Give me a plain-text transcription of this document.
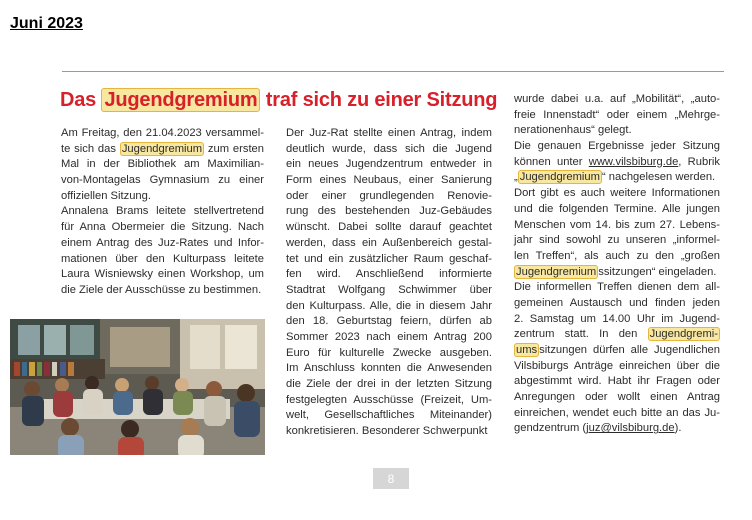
Juni 2023
Das Jugendgremium traf sich zu einer Sitzung
Am Freitag, den 21.04.2023 versammel-
te sich das Jugendgremium zum ersten
Mal in der Bibliothek am Maximilian-
von-Montagelas Gymnasium zu einer
offiziellen Sitzung.
Annalena Brams leitete stellvertretend
für Anna Obermeier die Sitzung. Nach
einem Antrag des Juz-Rates und Infor-
mationen über den Kulturpass leitete
Laura Wisniewsky einen Workshop, um
die Ziele der Ausschüsse zu bestimmen.
Der Juz-Rat stellte einen Antrag, indem
deutlich wurde, dass sich die Jugend
ein neues Jugendzentrum entweder in
Form eines Neubaus, einer Sanierung
oder einer grundlegenden Renovie-
rung des bestehenden Juz-Gebäudes
wünscht. Dabei sollte darauf geachtet
werden, dass ein Außenbereich gestal-
tet und ein zusätzlicher Raum geschaf-
fen wird. Anschließend informierte
Stadtrat Wolfgang Schwimmer über
den Kulturpass. Alle, die in diesem Jahr
den 18. Geburtstag feiern, dürfen ab
Sommer 2023 nach einem Antrag 200
Euro für kulturelle Zwecke ausgeben.
Im Anschluss konnten die Anwesenden
die Ziele der drei in der letzten Sitzung
festgelegten Ausschüsse (Freizeit, Um-
welt, Gesellschaftliches Miteinander)
konkretisieren. Besonderer Schwerpunkt
wurde dabei u.a. auf „Mobilität“, „auto-
freie Innenstadt“ oder einem „Mehrge-
nerationenhaus“ gelegt.
Die genauen Ergebnisse jeder Sitzung
können unter www.vilsbiburg.de, Rubrik
„ Jugendgremium “ nachgelesen werden.
Dort gibt es auch weitere Informationen
und die folgenden Termine. Alle jungen
Menschen vom 14. bis zum 27. Lebens-
jahr sind sowohl zu unseren „informel-
len Treffen“, als auch zu den „großen
Jugendgremium ssitzungen“ eingeladen.
Die informellen Treffen dienen dem all-
gemeinen Austausch und finden jeden
2. Samstag um 14.00 Uhr im Jugend-
zentrum statt. In den Jugendgremi-
ums sitzungen dürfen alle Jugendlichen
Vilsbiburgs Anträge einreichen über die
abgestimmt wird. Habt ihr Fragen oder
Anregungen oder wollt einen Antrag
einreichen, wendet euch bitte an das Ju-
gendzentrum (juz@vilsbiburg.de).
8
